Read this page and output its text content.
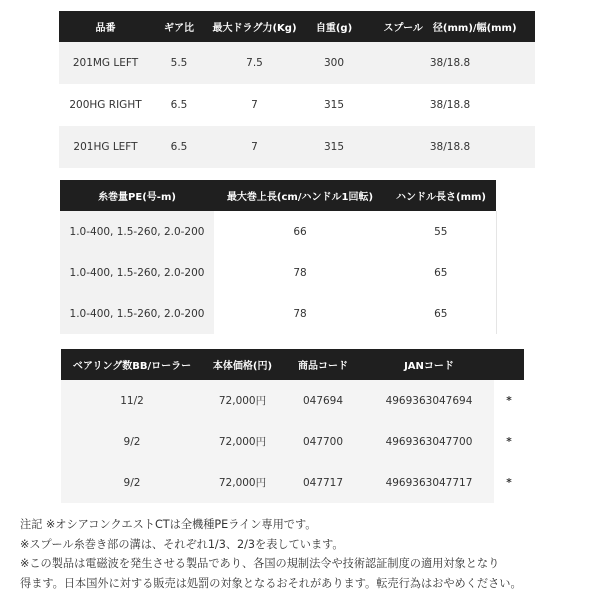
品番	ギア比	最大ドラグ力(Kg)	自重(g)	スプール　径(mm)/幅(mm)
201MG LEFT	5.5	7.5	300	38/18.8
200HG RIGHT	6.5	7	315	38/18.8
201HG LEFT	6.5	7	315	38/18.8
糸巻量PE(号-m)	最大巻上長(cm/ハンドル1回転)	ハンドル長さ(mm)
1.0-400, 1.5-260, 2.0-200	66	55
1.0-400, 1.5-260, 2.0-200	78	65
1.0-400, 1.5-260, 2.0-200	78	65
ベアリング数BB/ローラー	本体価格(円)	商品コード	JANコード	
11/2	72,000円	047694	4969363047694	*
9/2	72,000円	047700	4969363047700	*
9/2	72,000円	047717	4969363047717	*
注記 ※オシアコンクエストCTは全機種PEライン専用です。
※スプール糸巻き部の溝は、それぞれ1/3、2/3を表しています。
※この製品は電磁波を発生させる製品であり、各国の規制法令や技術認証制度の適用対象となり
得ます。日本国外に対する販売は処罰の対象となるおそれがあります。転売行為はおやめください。
